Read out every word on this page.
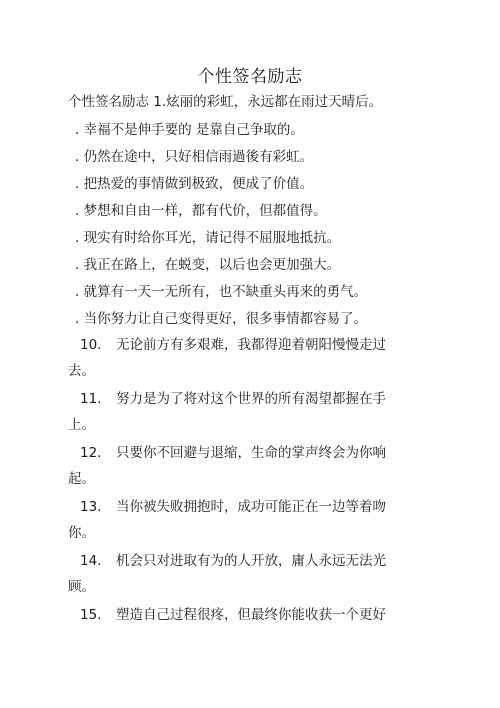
个性签名励志
个性签名励志 1.炫丽的彩虹，永远都在雨过天晴后。
. 幸福不是伸手要的 是靠自己争取的。
. 仍然在途中，只好相信雨過後有彩虹。
. 把热爱的事情做到极致，便成了价值。
. 梦想和自由一样，都有代价，但都值得。
. 现实有时给你耳光，请记得不屈服地抵抗。
. 我正在路上，在蜕变，以后也会更加强大。
. 就算有一天一无所有，也不缺重头再来的勇气。
. 当你努力让自己变得更好，很多事情都容易了。
10. 无论前方有多艰难，我都得迎着朝阳慢慢走过
去。
11. 努力是为了将对这个世界的所有渴望都握在手
上。
12. 只要你不回避与退缩，生命的掌声终会为你响
起。
13. 当你被失败拥抱时，成功可能正在一边等着吻
你。
14. 机会只对进取有为的人开放，庸人永远无法光
顾。
15. 塑造自己过程很疼，但最终你能收获一个更好
